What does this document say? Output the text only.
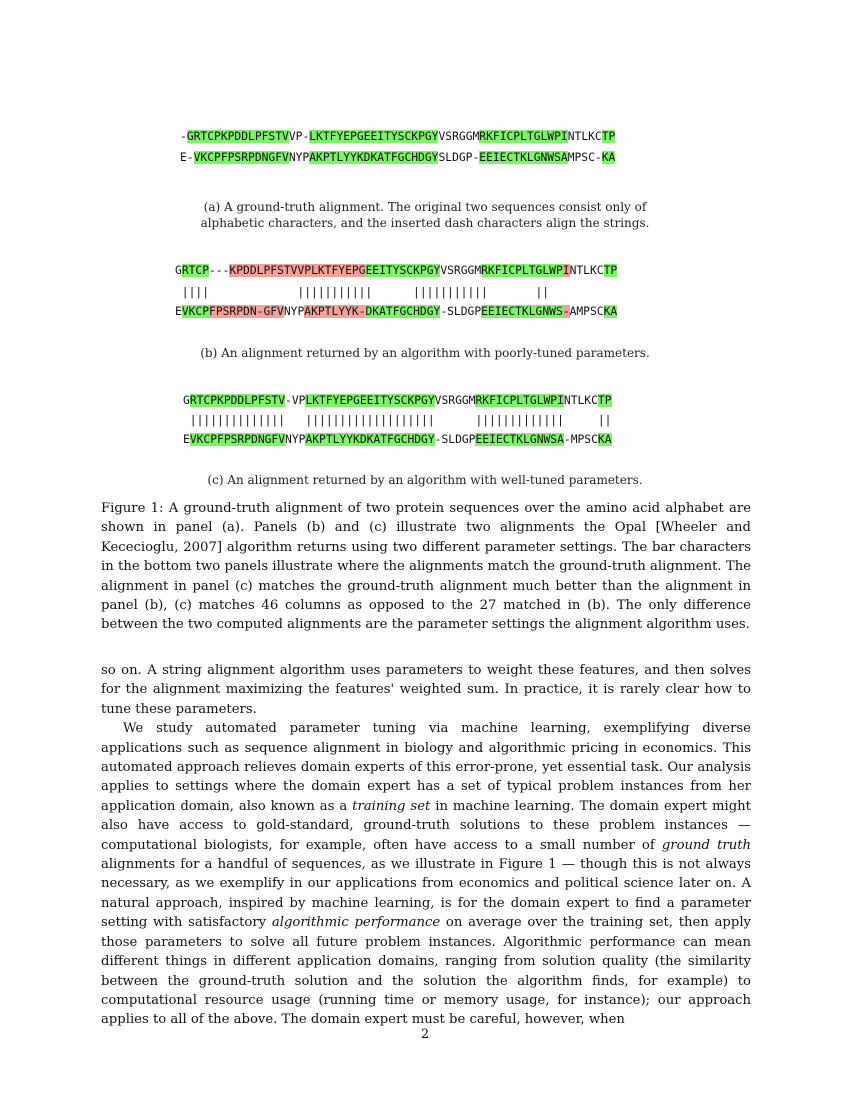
-GRTCPKPDDLPFSTVVP-LKTFYEPGEEITYSCKPGYVSRGGMRKFICPLTGLWPINTLKCTP
E-VKCPFPSRPDNGFVNYPAKPTLYYKDKATFGCHDGYSLDGP-EEIECTKLGNWSAMPSC-KA
(a) A ground-truth alignment. The original two sequences consist only of alphabetic characters, and the inserted dash characters align the strings.
GRTCP---KPDDLPFSTVVPLKTFYEPGEEITYSCKPGYVSRGGMRKFICPLTGLWPINTLKCTP
||||             |||||||||||      |||||||||||       ||
EVKCPFPSRPDN-GFVNYPAKPTLYYK-DKATFGCHDGY-SLDGPEEIECTKLGNWS-AMPSCKA
(b) An alignment returned by an algorithm with poorly-tuned parameters.
GRTCPKPDDLPFSTV-VPLKTFYEPGEEITYSCKPGYVSRGGMRKFICPLTGLWPINTLKCTP
||||||||||||||   |||||||||||||||||||      |||||||||||||     ||
EVKCPFPSRPDNGFVNYPAKPTLYYKDKATFGCHDGY-SLDGPEEIECTKLGNWSA-MPSCKA
(c) An alignment returned by an algorithm with well-tuned parameters.

Figure 1: A ground-truth alignment of two protein sequences over the amino acid alphabet are shown in panel (a). Panels (b) and (c) illustrate two alignments the Opal [Wheeler and Kececioglu, 2007] algorithm returns using two different parameter settings. The bar characters in the bottom two panels illustrate where the alignments match the ground-truth alignment. The alignment in panel (c) matches the ground-truth alignment much better than the alignment in panel (b), (c) matches 46 columns as opposed to the 27 matched in (b). The only difference between the two computed alignments are the parameter settings the alignment algorithm uses.

so on. A string alignment algorithm uses parameters to weight these features, and then solves for the alignment maximizing the features' weighted sum. In practice, it is rarely clear how to tune these parameters.

We study automated parameter tuning via machine learning, exemplifying diverse applications such as sequence alignment in biology and algorithmic pricing in economics. This automated approach relieves domain experts of this error-prone, yet essential task. Our analysis applies to settings where the domain expert has a set of typical problem instances from her application domain, also known as a training set in machine learning. The domain expert might also have access to gold-standard, ground-truth solutions to these problem instances — computational biologists, for example, often have access to a small number of ground truth alignments for a handful of sequences, as we illustrate in Figure 1 — though this is not always necessary, as we exemplify in our applications from economics and political science later on. A natural approach, inspired by machine learning, is for the domain expert to find a parameter setting with satisfactory algorithmic performance on average over the training set, then apply those parameters to solve all future problem instances. Algorithmic performance can mean different things in different application domains, ranging from solution quality (the similarity between the ground-truth solution and the solution the algorithm finds, for example) to computational resource usage (running time or memory usage, for instance); our approach applies to all of the above. The domain expert must be careful, however, when

2
